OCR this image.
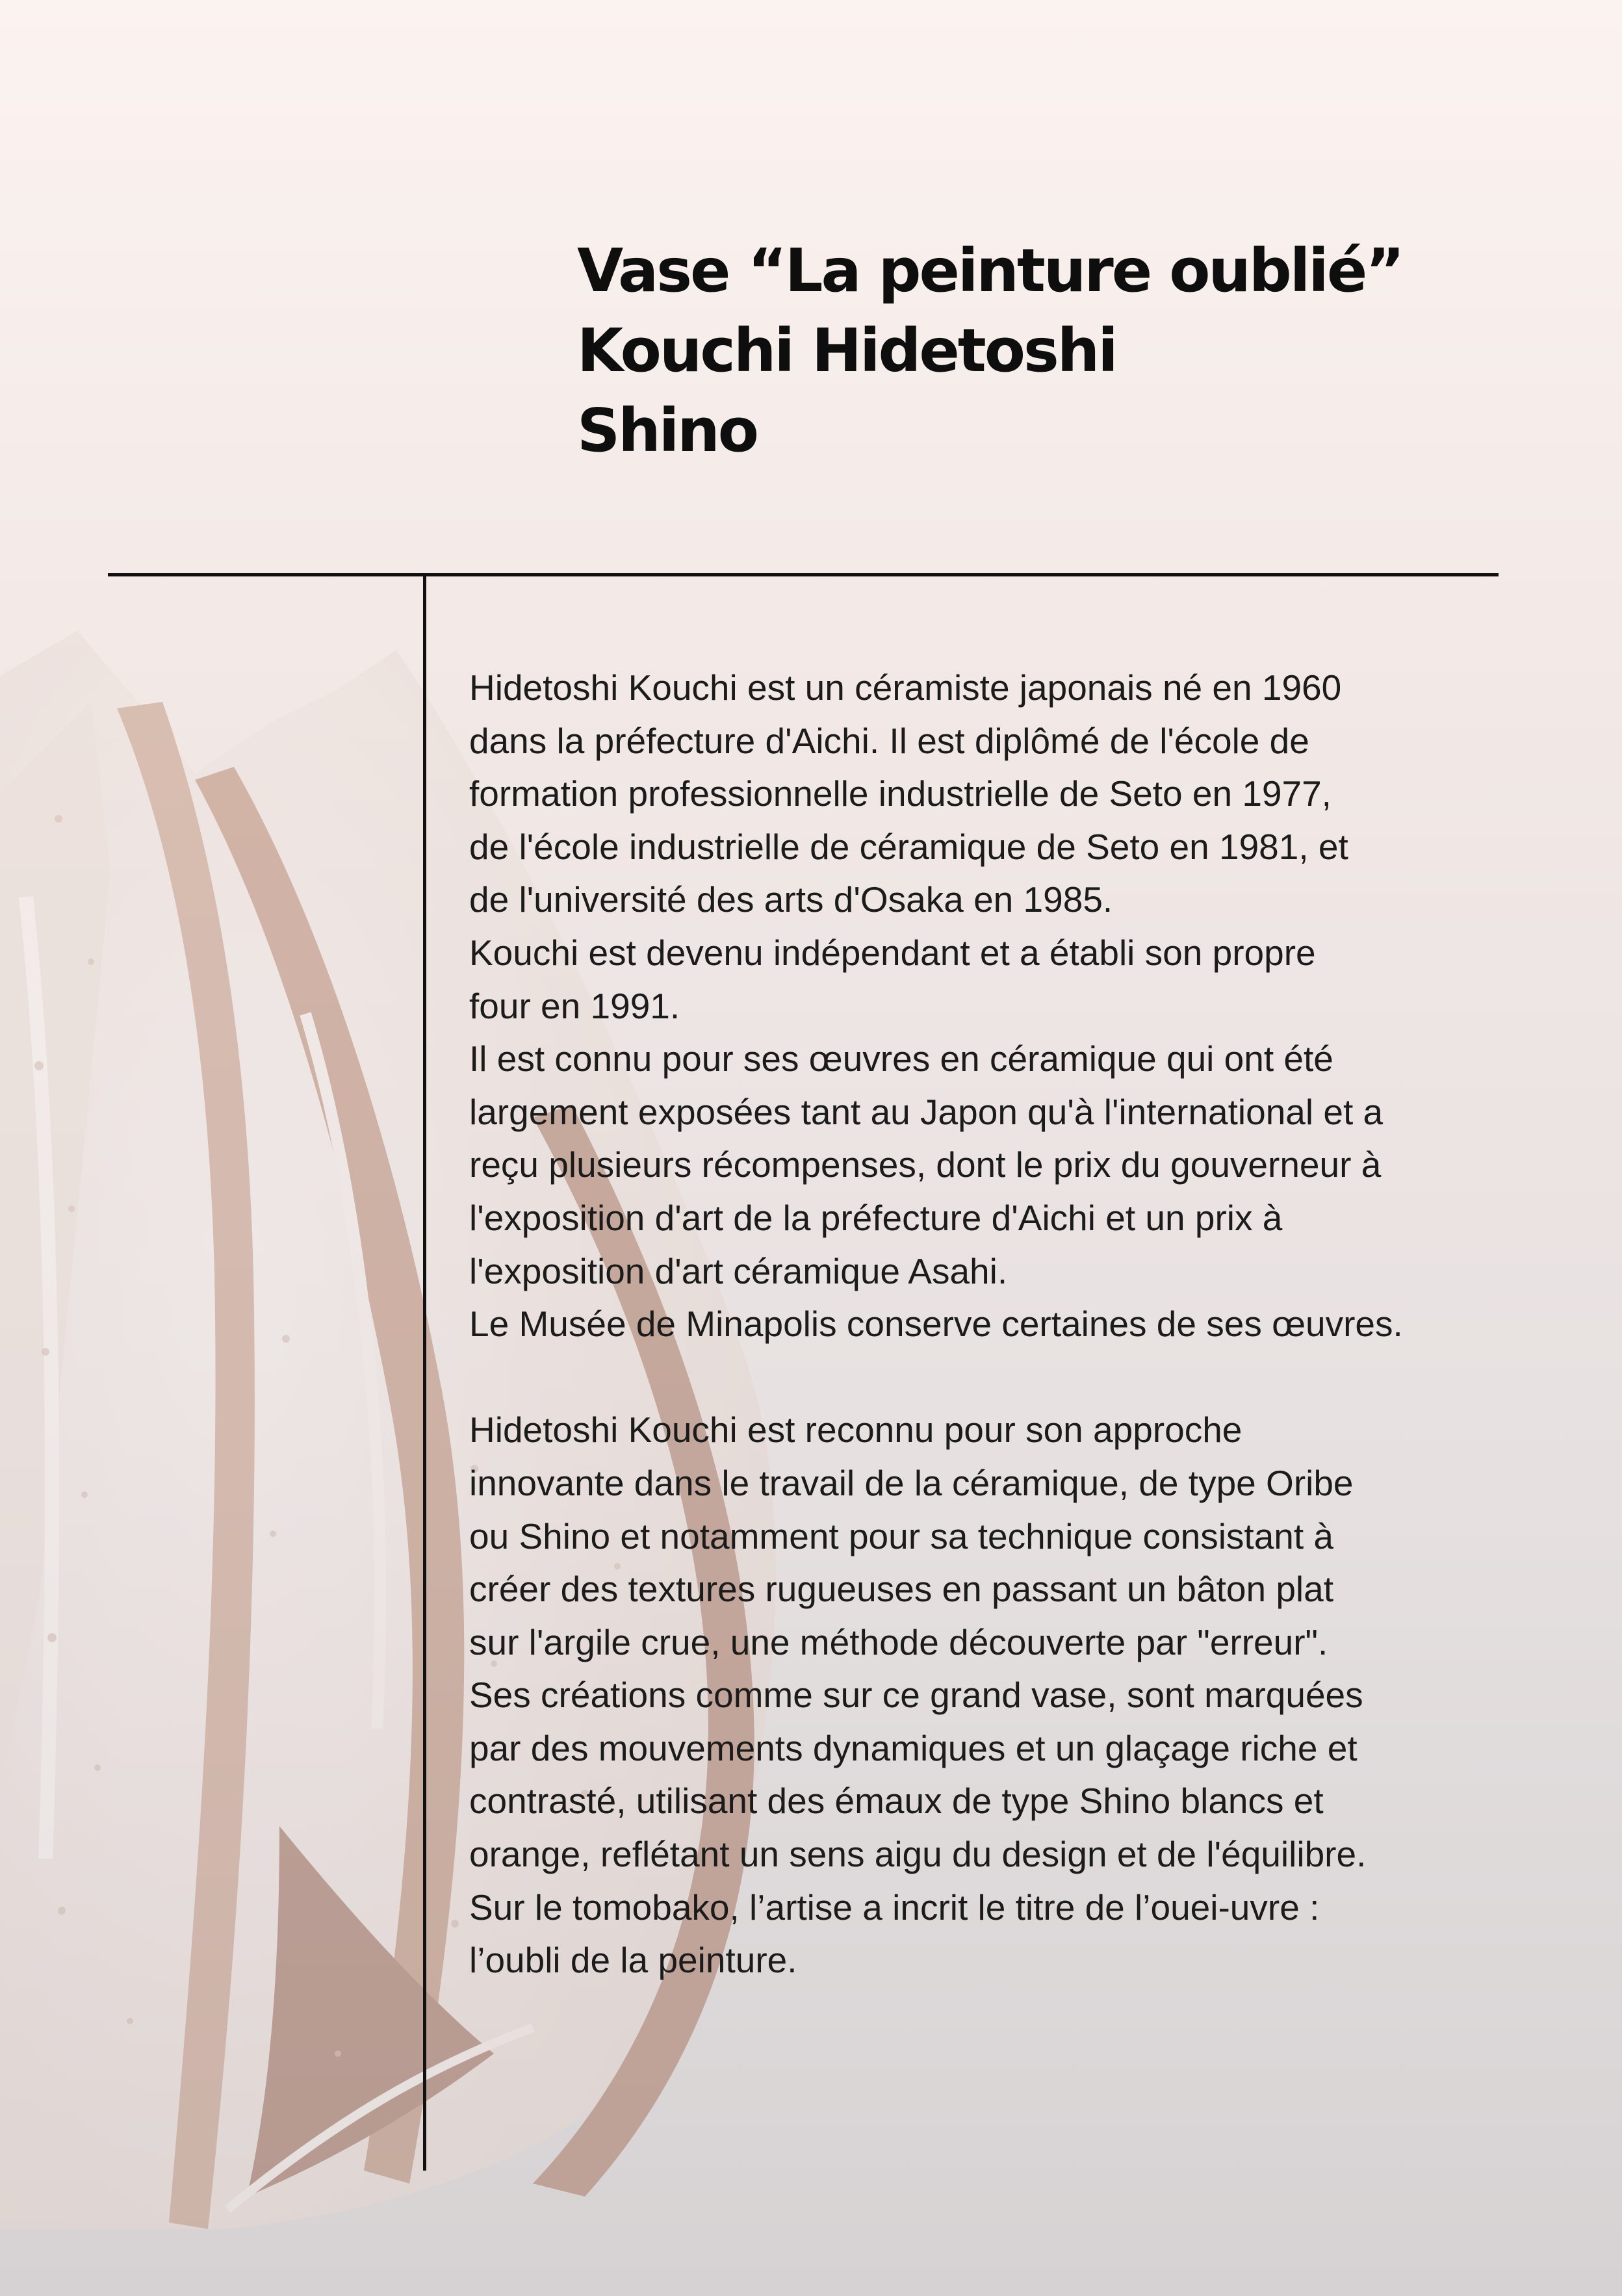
Vase “La peinture oublié”
Kouchi Hidetoshi
Shino
Hidetoshi Kouchi est un céramiste japonais né en 1960
dans la préfecture d'Aichi. Il est diplômé de l'école de
formation professionnelle industrielle de Seto en 1977,
de l'école industrielle de céramique de Seto en 1981, et
de l'université des arts d'Osaka en 1985.
Kouchi est devenu indépendant et a établi son propre
four en 1991.
Il est connu pour ses œuvres en céramique qui ont été
largement exposées tant au Japon qu'à l'international et a
reçu plusieurs récompenses, dont le prix du gouverneur à
l'exposition d'art de la préfecture d'Aichi et un prix à
l'exposition d'art céramique Asahi.
Le Musée de Minapolis conserve certaines de ses œuvres.
Hidetoshi Kouchi est reconnu pour son approche
innovante dans le travail de la céramique, de type Oribe
ou Shino et notamment pour sa technique consistant à
créer des textures rugueuses en passant un bâton plat
sur l'argile crue, une méthode découverte par "erreur".
Ses créations comme sur ce grand vase, sont marquées
par des mouvements dynamiques et un glaçage riche et
contrasté, utilisant des émaux de type Shino blancs et
orange, reflétant un sens aigu du design et de l'équilibre.
Sur le tomobako, l’artise a incrit le titre de l’ouei-uvre :
l’oubli de la peinture.
